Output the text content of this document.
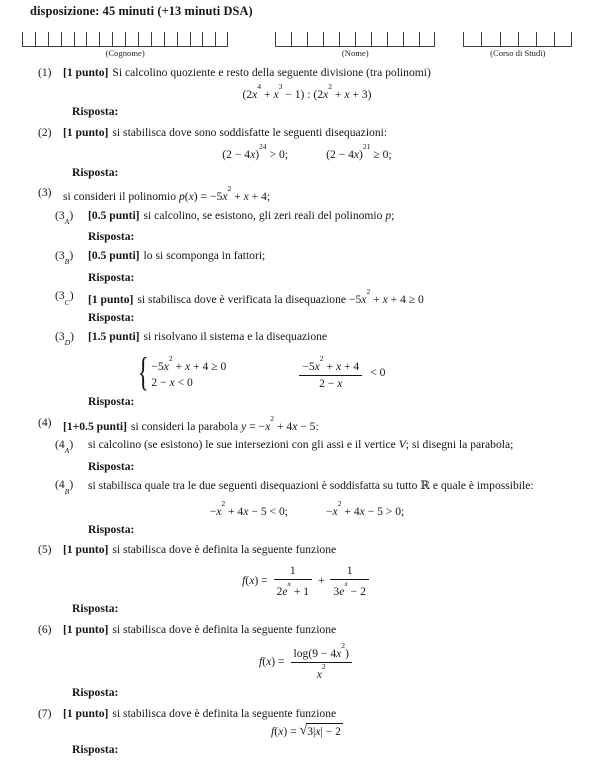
disposizione: 45 minuti (+13 minuti DSA)
(Cognome)	(Nome)	(Corso di Studi)
(1) [1 punto] Si calcolino quoziente e resto della seguente divisione (tra polinomi)
$(2x^4 + x^3 - 1)$ : $(2x^2 + x + 3)$
Risposta:
(2) [1 punto] si stabilisca dove sono soddisfatte le seguenti disequazioni:
$(2 - 4x)^{24} > 0$;	$(2 - 4x)^{21} \ge 0$;
Risposta:
(3) si consideri il polinomio $p(x) = -5x^2 + x + 4$;
$(3_A)$	[0.5 punti] si calcolino, se esistono, gli zeri reali del polinomio p;
Risposta:
$(3_B)$	[0.5 punti] lo si scomponga in fattori;
Risposta:
$(3_C)$	[1 punto] si stabilisca dove è verificata la disequazione $-5x^2 + x + 4 \ge 0$
Risposta:
$(3_D)$	[1.5 punti] si risolvano il sistema e la disequazione
{ $-5x^2 + x + 4 \ge 0$
2 − x < 0	$\frac{-5x^2 + x + 4}{2 - x} < 0$
Risposta:
(4) [1+0.5 punti] si consideri la parabola $y = -x^2 + 4x - 5$:
$(4_A)$	si calcolino (se esistono) le sue intersezioni con gli assi e il vertice V; si disegni la parabola;
Risposta:
$(4_B)$	si stabilisca quale tra le due seguenti disequazioni è soddisfatta su tutto ℝ e quale è impossibile:
$-x^2 + 4x - 5 < 0$;	$-x^2 + 4x - 5 > 0$;
Risposta:
(5) [1 punto] si stabilisca dove è definita la seguente funzione
$f(x) = \frac{1}{2e^x + 1} + \frac{1}{3e^x - 2}$
Risposta:
(6) [1 punto] si stabilisca dove è definita la seguente funzione
$f(x) = \frac{\log(9 - 4x^2)}{x^2}$
Risposta:
(7) [1 punto] si stabilisca dove è definita la seguente funzione
f(x) = √3|x| − 2
Risposta:
